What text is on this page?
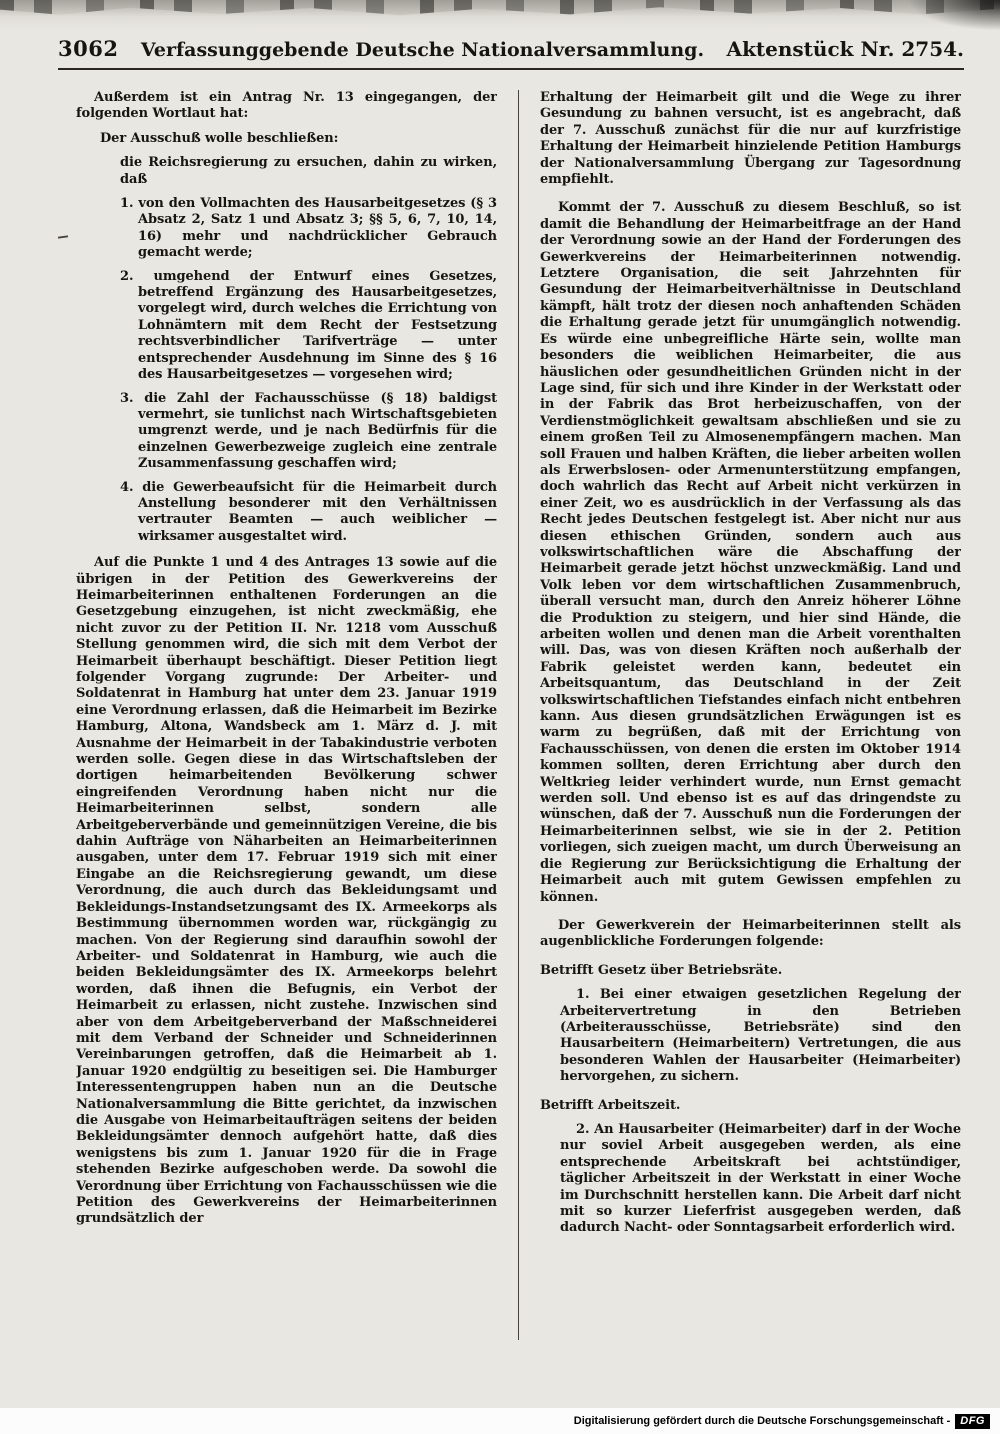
3062	Verfassunggebende Deutsche Nationalversammlung.	Aktenstück Nr. 2754.

Außerdem ist ein Antrag Nr. 13 eingegangen, der folgenden Wortlaut hat:

Der Ausschuß wolle beschließen:

die Reichsregierung zu ersuchen, dahin zu wirken, daß

1. von den Vollmachten des Hausarbeitgesetzes (§ 3 Absatz 2, Satz 1 und Absatz 3; §§ 5, 6, 7, 10, 14, 16) mehr und nachdrücklicher Gebrauch gemacht werde;

2. umgehend der Entwurf eines Gesetzes, betreffend Ergänzung des Hausarbeitgesetzes, vorgelegt wird, durch welches die Errichtung von Lohnämtern mit dem Recht der Festsetzung rechtsverbindlicher Tarifverträge — unter entsprechender Ausdehnung im Sinne des § 16 des Hausarbeitgesetzes — vorgesehen wird;

3. die Zahl der Fachausschüsse (§ 18) baldigst vermehrt, sie tunlichst nach Wirtschaftsgebieten umgrenzt werde, und je nach Bedürfnis für die einzelnen Gewerbezweige zugleich eine zentrale Zusammenfassung geschaffen wird;

4. die Gewerbeaufsicht für die Heimarbeit durch Anstellung besonderer mit den Verhältnissen vertrauter Beamten — auch weiblicher — wirksamer ausgestaltet wird.

Auf die Punkte 1 und 4 des Antrages 13 sowie auf die übrigen in der Petition des Gewerkvereins der Heimarbeiterinnen enthaltenen Forderungen an die Gesetzgebung einzugehen, ist nicht zweckmäßig, ehe nicht zuvor zu der Petition II. Nr. 1218 vom Ausschuß Stellung genommen wird, die sich mit dem Verbot der Heimarbeit überhaupt beschäftigt. Dieser Petition liegt folgender Vorgang zugrunde: Der Arbeiter- und Soldatenrat in Hamburg hat unter dem 23. Januar 1919 eine Verordnung erlassen, daß die Heimarbeit im Bezirke Hamburg, Altona, Wandsbeck am 1. März d. J. mit Ausnahme der Heimarbeit in der Tabakindustrie verboten werden solle. Gegen diese in das Wirtschaftsleben der dortigen heimarbeitenden Bevölkerung schwer eingreifenden Verordnung haben nicht nur die Heimarbeiterinnen selbst, sondern alle Arbeitgeberverbände und gemeinnützigen Vereine, die bis dahin Aufträge von Näharbeiten an Heimarbeiterinnen ausgaben, unter dem 17. Februar 1919 sich mit einer Eingabe an die Reichsregierung gewandt, um diese Verordnung, die auch durch das Bekleidungsamt und Bekleidungs-Instandsetzungsamt des IX. Armeekorps als Bestimmung übernommen worden war, rückgängig zu machen. Von der Regierung sind daraufhin sowohl der Arbeiter- und Soldatenrat in Hamburg, wie auch die beiden Bekleidungsämter des IX. Armeekorps belehrt worden, daß ihnen die Befugnis, ein Verbot der Heimarbeit zu erlassen, nicht zustehe. Inzwischen sind aber von dem Arbeitgeberverband der Maßschneiderei mit dem Verband der Schneider und Schneiderinnen Vereinbarungen getroffen, daß die Heimarbeit ab 1. Januar 1920 endgültig zu beseitigen sei. Die Hamburger Interessentengruppen haben nun an die Deutsche Nationalversammlung die Bitte gerichtet, da inzwischen die Ausgabe von Heimarbeitaufträgen seitens der beiden Bekleidungsämter dennoch aufgehört hatte, daß dies wenigstens bis zum 1. Januar 1920 für die in Frage stehenden Bezirke aufgeschoben werde. Da sowohl die Verordnung über Errichtung von Fachausschüssen wie die Petition des Gewerkvereins der Heimarbeiterinnen grundsätzlich der

Erhaltung der Heimarbeit gilt und die Wege zu ihrer Gesundung zu bahnen versucht, ist es angebracht, daß der 7. Ausschuß zunächst für die nur auf kurzfristige Erhaltung der Heimarbeit hinzielende Petition Hamburgs der Nationalversammlung Übergang zur Tagesordnung empfiehlt.

Kommt der 7. Ausschuß zu diesem Beschluß, so ist damit die Behandlung der Heimarbeitfrage an der Hand der Verordnung sowie an der Hand der Forderungen des Gewerkvereins der Heimarbeiterinnen notwendig. Letztere Organisation, die seit Jahrzehnten für Gesundung der Heimarbeitverhältnisse in Deutschland kämpft, hält trotz der diesen noch anhaftenden Schäden die Erhaltung gerade jetzt für unumgänglich notwendig. Es würde eine unbegreifliche Härte sein, wollte man besonders die weiblichen Heimarbeiter, die aus häuslichen oder gesundheitlichen Gründen nicht in der Lage sind, für sich und ihre Kinder in der Werkstatt oder in der Fabrik das Brot herbeizuschaffen, von der Verdienstmöglichkeit gewaltsam abschließen und sie zu einem großen Teil zu Almosenempfängern machen. Man soll Frauen und halben Kräften, die lieber arbeiten wollen als Erwerbslosen- oder Armenunterstützung empfangen, doch wahrlich das Recht auf Arbeit nicht verkürzen in einer Zeit, wo es ausdrücklich in der Verfassung als das Recht jedes Deutschen festgelegt ist. Aber nicht nur aus diesen ethischen Gründen, sondern auch aus volkswirtschaftlichen wäre die Abschaffung der Heimarbeit gerade jetzt höchst unzweckmäßig. Land und Volk leben vor dem wirtschaftlichen Zusammenbruch, überall versucht man, durch den Anreiz höherer Löhne die Produktion zu steigern, und hier sind Hände, die arbeiten wollen und denen man die Arbeit vorenthalten will. Das, was von diesen Kräften noch außerhalb der Fabrik geleistet werden kann, bedeutet ein Arbeitsquantum, das Deutschland in der Zeit volkswirtschaftlichen Tiefstandes einfach nicht entbehren kann. Aus diesen grundsätzlichen Erwägungen ist es warm zu begrüßen, daß mit der Errichtung von Fachausschüssen, von denen die ersten im Oktober 1914 kommen sollten, deren Errichtung aber durch den Weltkrieg leider verhindert wurde, nun Ernst gemacht werden soll. Und ebenso ist es auf das dringendste zu wünschen, daß der 7. Ausschuß nun die Forderungen der Heimarbeiterinnen selbst, wie sie in der 2. Petition vorliegen, sich zueigen macht, um durch Überweisung an die Regierung zur Berücksichtigung die Erhaltung der Heimarbeit auch mit gutem Gewissen empfehlen zu können.

Der Gewerkverein der Heimarbeiterinnen stellt als augenblickliche Forderungen folgende:

Betrifft Gesetz über Betriebsräte.

1. Bei einer etwaigen gesetzlichen Regelung der Arbeitervertretung in den Betrieben (Arbeiterausschüsse, Betriebsräte) sind den Hausarbeitern (Heimarbeitern) Vertretungen, die aus besonderen Wahlen der Hausarbeiter (Heimarbeiter) hervorgehen, zu sichern.

Betrifft Arbeitszeit.

2. An Hausarbeiter (Heimarbeiter) darf in der Woche nur soviel Arbeit ausgegeben werden, als eine entsprechende Arbeitskraft bei achtstündiger, täglicher Arbeitszeit in der Werkstatt in einer Woche im Durchschnitt herstellen kann. Die Arbeit darf nicht mit so kurzer Lieferfrist ausgegeben werden, daß dadurch Nacht- oder Sonntagsarbeit erforderlich wird.

Digitalisierung gefördert durch die Deutsche Forschungsgemeinschaft - DFG
